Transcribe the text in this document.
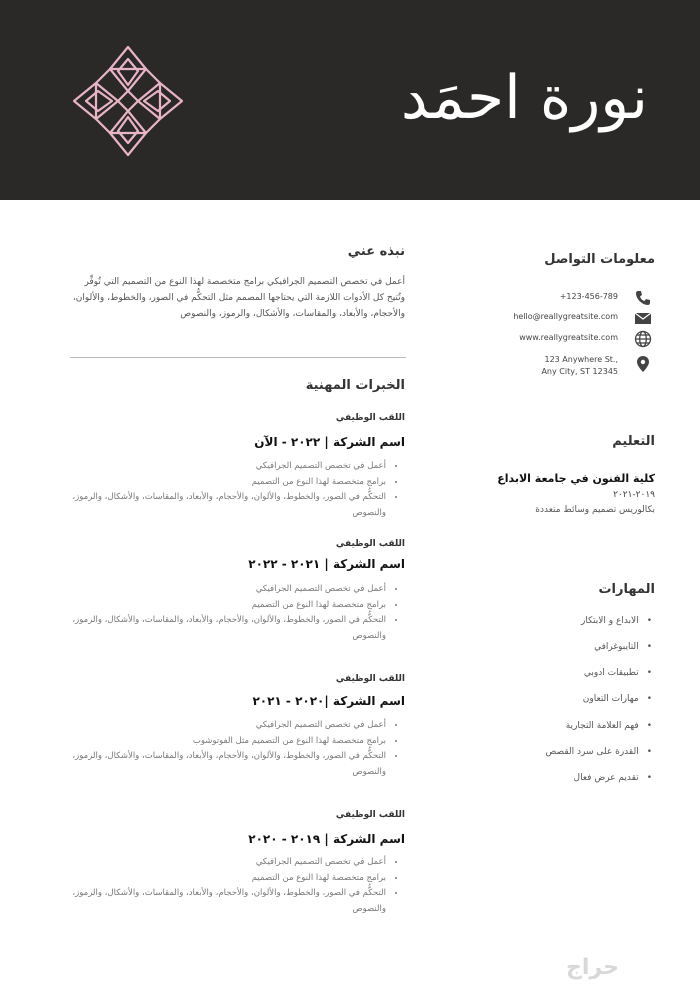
نورة احمَد
نبذه عني
أعمل في تخصص التصميم الجرافيكي برامج متخصصة لهذا النوع من التصميم التي تُوفِّر وتُتيح كل الأدوات اللازمة التي يحتاجها المصمم مثل التحكُّم في الصور، والخطوط، والألوان، والأحجام، والأبعاد، والمقاسات، والأشكال، والرموز، والنصوص
معلومات التواصل
+123-456-789
hello@reallygreatsite.com
www.reallygreatsite.com
123 Anywhere St.,
Any City, ST 12345
التعليم
كلية الفنون في جامعة الابداع
٢٠١٩-٢٠٢١
بكالوريس تصميم وسائط متعددة
المهارات
• الابداع و الابتكار
• التايبوغرافي
• تطبيقات ادوبي
• مهارات التعاون
• فهم العلامة التجارية
• القدرة على سرد القصص
• تقديم عرض فعال
الخبرات المهنية
اللقب الوظيفي
اسم الشركة | ٢٠٢٢ - الآن
• أعمل في تخصص التصميم الجرافيكي
• برامج متخصصة لهذا النوع من التصميم
• التحكُّم في الصور، والخطوط، والألوان، والأحجام، والأبعاد، والمقاسات، والأشكال، والرموز، والنصوص
اللقب الوظيفي
اسم الشركة | ٢٠٢١ - ٢٠٢٢
• أعمل في تخصص التصميم الجرافيكي
• برامج متخصصة لهذا النوع من التصميم
• التحكُّم في الصور، والخطوط، والألوان، والأحجام، والأبعاد، والمقاسات، والأشكال، والرموز، والنصوص
اللقب الوظيفي
اسم الشركة |٢٠٢٠ - ٢٠٢١
• أعمل في تخصص التصميم الجرافيكي
• برامج متخصصة لهذا النوع من التصميم مثل الفوتوشوب
• التحكُّم في الصور، والخطوط، والألوان، والأحجام، والأبعاد، والمقاسات، والأشكال، والرموز، والنصوص
اللقب الوظيفي
اسم الشركة | ٢٠١٩ - ٢٠٢٠
• أعمل في تخصص التصميم الجرافيكي
• برامج متخصصة لهذا النوع من التصميم
• التحكُّم في الصور، والخطوط، والألوان، والأحجام، والأبعاد، والمقاسات، والأشكال، والرموز، والنصوص
حراج
